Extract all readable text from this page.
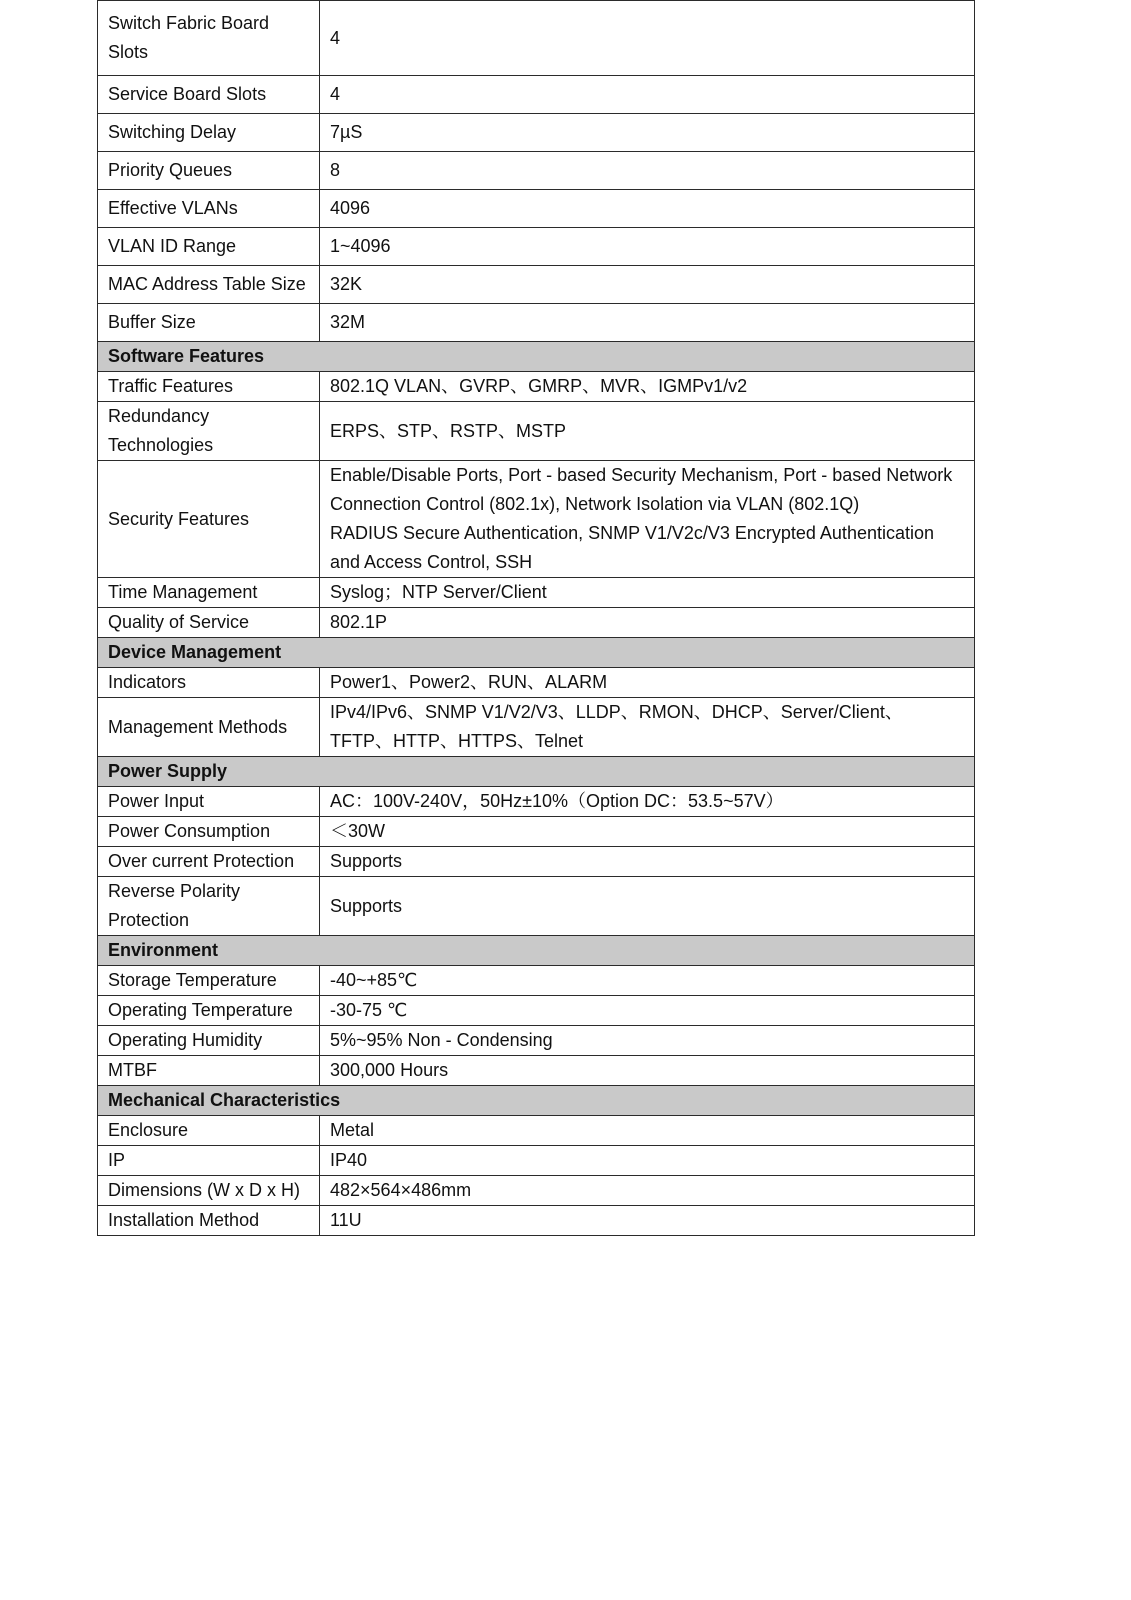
Switch Fabric Board Slots	4

Service Board Slots	4

Switching Delay	7µS

Priority Queues	8

Effective VLANs	4096

VLAN ID Range	1~4096

MAC Address Table Size	32K

Buffer Size	32M

Software Features	
Traffic Features	802.1Q VLAN、GVRP、GMRP、MVR、IGMPv1/v2

Redundancy Technologies	ERPS、STP、RSTP、MSTP

Security Features	Enable/Disable Ports, Port - based Security Mechanism, Port - based Network Connection Control (802.1x), Network Isolation via VLAN (802.1Q)
RADIUS Secure Authentication, SNMP V1/V2c/V3 Encrypted Authentication and Access Control, SSH

Time Management	Syslog；NTP Server/Client

Quality of Service	802.1P

Device Management	
Indicators	Power1、Power2、RUN、ALARM

Management Methods	IPv4/IPv6、SNMP V1/V2/V3、LLDP、RMON、DHCP、Server/Client、TFTP、HTTP、HTTPS、Telnet

Power Supply	
Power Input	AC：100V-240V，50Hz±10%（Option DC：53.5~57V）

Power Consumption	＜30W

Over current Protection	Supports

Reverse Polarity Protection	Supports

Environment	
Storage Temperature	-40~+85℃

Operating Temperature	-30-75 ℃

Operating Humidity	5%~95% Non - Condensing

MTBF	300,000 Hours

Mechanical Characteristics	
Enclosure	Metal

IP	IP40

Dimensions (W x D x H)	482×564×486mm

Installation Method	11U
